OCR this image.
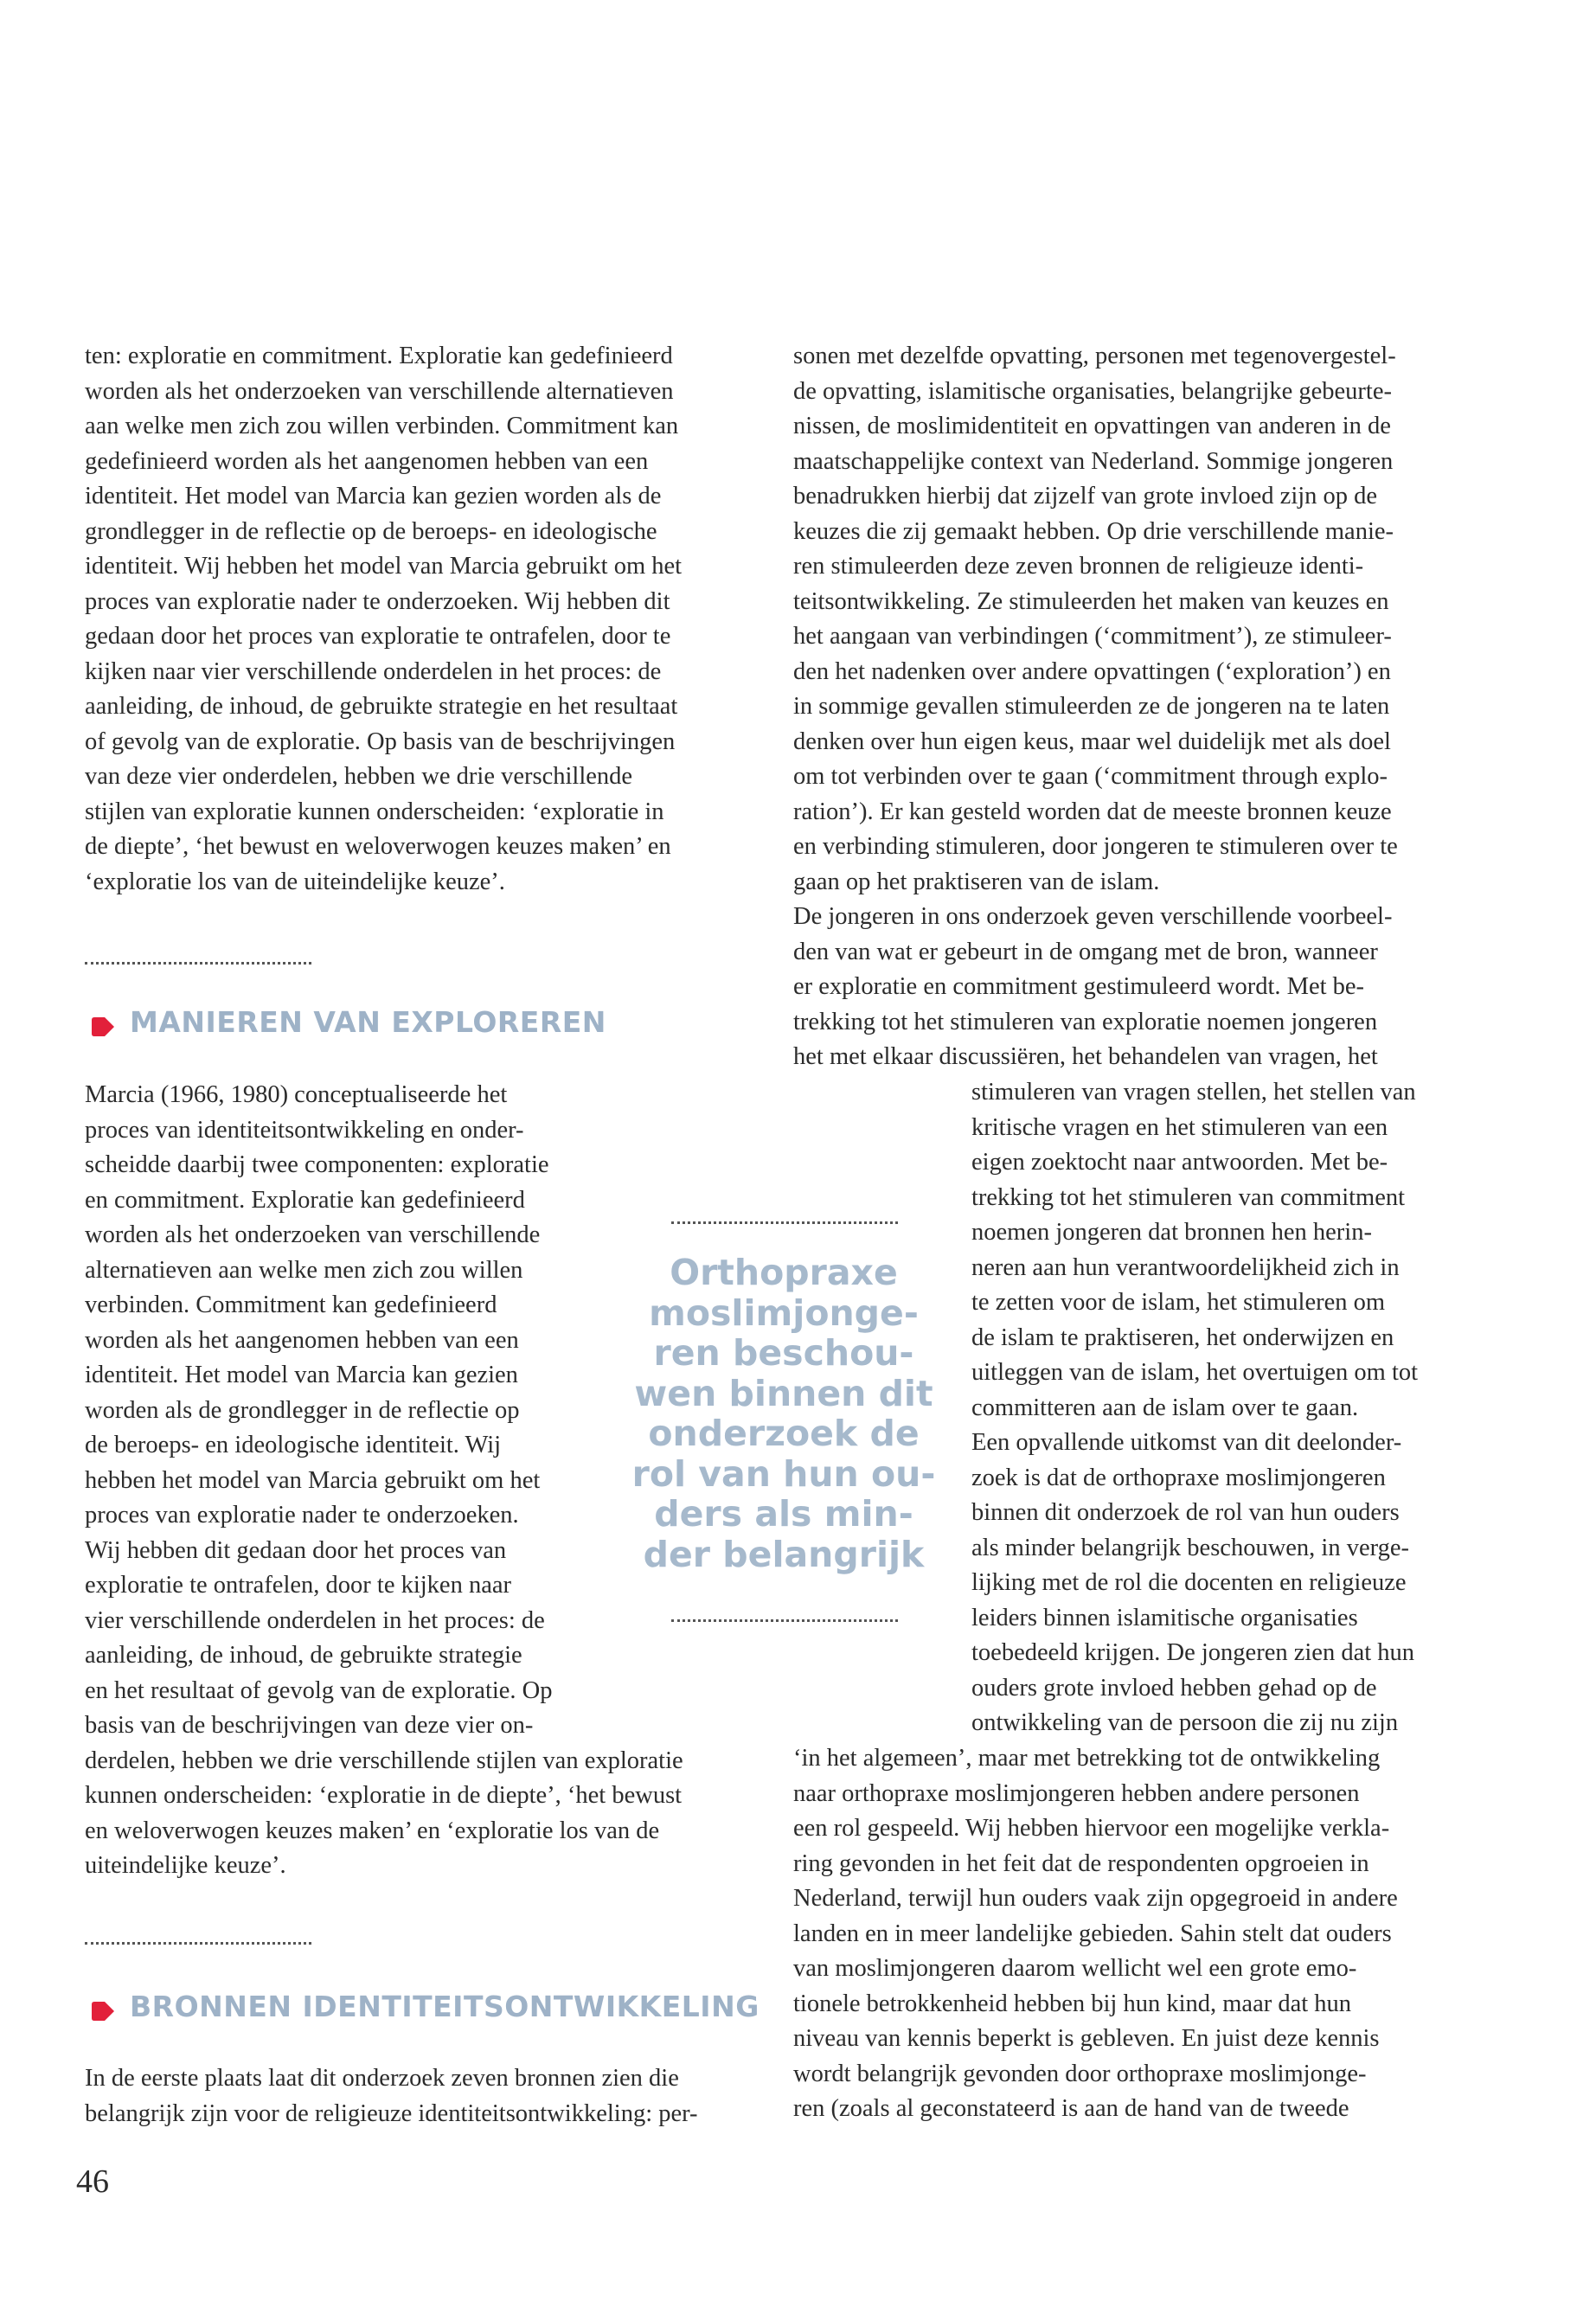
ten: exploratie en commitment. Exploratie kan gedefinieerd
worden als het onderzoeken van verschillende alternatieven
aan welke men zich zou willen verbinden. Commitment kan
gedefinieerd worden als het aangenomen hebben van een
identiteit. Het model van Marcia kan gezien worden als de
grondlegger in de reflectie op de beroeps- en ideologische
identiteit. Wij hebben het model van Marcia gebruikt om het
proces van exploratie nader te onderzoeken. Wij hebben dit
gedaan door het proces van exploratie te ontrafelen, door te
kijken naar vier verschillende onderdelen in het proces: de
aanleiding, de inhoud, de gebruikte strategie en het resultaat
of gevolg van de exploratie. Op basis van de beschrijvingen
van deze vier onderdelen, hebben we drie verschillende
stijlen van exploratie kunnen onderscheiden: ‘exploratie in
de diepte’, ‘het bewust en weloverwogen keuzes maken’ en
‘exploratie los van de uiteindelijke keuze’.
MANIEREN VAN EXPLOREREN
Marcia (1966, 1980) conceptualiseerde het
proces van identiteitsontwikkeling en onder-
scheidde daarbij twee componenten: exploratie
en commitment. Exploratie kan gedefinieerd
worden als het onderzoeken van verschillende
alternatieven aan welke men zich zou willen
verbinden. Commitment kan gedefinieerd
worden als het aangenomen hebben van een
identiteit. Het model van Marcia kan gezien
worden als de grondlegger in de reflectie op
de beroeps- en ideologische identiteit. Wij
hebben het model van Marcia gebruikt om het
proces van exploratie nader te onderzoeken.
Wij hebben dit gedaan door het proces van
exploratie te ontrafelen, door te kijken naar
vier verschillende onderdelen in het proces: de
aanleiding, de inhoud, de gebruikte strategie
en het resultaat of gevolg van de exploratie. Op
basis van de beschrijvingen van deze vier on-
derdelen, hebben we drie verschillende stijlen van exploratie
kunnen onderscheiden: ‘exploratie in de diepte’, ‘het bewust
en weloverwogen keuzes maken’ en ‘exploratie los van de
uiteindelijke keuze’.
BRONNEN IDENTITEITSONTWIKKELING
In de eerste plaats laat dit onderzoek zeven bronnen zien die
belangrijk zijn voor de religieuze identiteitsontwikkeling: per-
Orthopraxe
moslimjonge-
ren beschou-
wen binnen dit
onderzoek de
rol van hun ou-
ders als min-
der belangrijk
sonen met dezelfde opvatting, personen met tegenovergestel-
de opvatting, islamitische organisaties, belangrijke gebeurte-
nissen, de moslimidentiteit en opvattingen van anderen in de
maatschappelijke context van Nederland. Sommige jongeren
benadrukken hierbij dat zijzelf van grote invloed zijn op de
keuzes die zij gemaakt hebben. Op drie verschillende manie-
ren stimuleerden deze zeven bronnen de religieuze identi-
teitsontwikkeling. Ze stimuleerden het maken van keuzes en
het aangaan van verbindingen (‘commitment’), ze stimuleer-
den het nadenken over andere opvattingen (‘exploration’) en
in sommige gevallen stimuleerden ze de jongeren na te laten
denken over hun eigen keus, maar wel duidelijk met als doel
om tot verbinden over te gaan (‘commitment through explo-
ration’). Er kan gesteld worden dat de meeste bronnen keuze
en verbinding stimuleren, door jongeren te stimuleren over te
gaan op het praktiseren van de islam.
De jongeren in ons onderzoek geven verschillende voorbeel-
den van wat er gebeurt in de omgang met de bron, wanneer
er exploratie en commitment gestimuleerd wordt. Met be-
trekking tot het stimuleren van exploratie noemen jongeren
het met elkaar discussiëren, het behandelen van vragen, het
stimuleren van vragen stellen, het stellen van
kritische vragen en het stimuleren van een
eigen zoektocht naar antwoorden. Met be-
trekking tot het stimuleren van commitment
noemen jongeren dat bronnen hen herin-
neren aan hun verantwoordelijkheid zich in
te zetten voor de islam, het stimuleren om
de islam te praktiseren, het onderwijzen en
uitleggen van de islam, het overtuigen om tot
committeren aan de islam over te gaan.
Een opvallende uitkomst van dit deelonder-
zoek is dat de orthopraxe moslimjongeren
binnen dit onderzoek de rol van hun ouders
als minder belangrijk beschouwen, in verge-
lijking met de rol die docenten en religieuze
leiders binnen islamitische organisaties
toebedeeld krijgen. De jongeren zien dat hun
ouders grote invloed hebben gehad op de
ontwikkeling van de persoon die zij nu zijn
‘in het algemeen’, maar met betrekking tot de ontwikkeling
naar orthopraxe moslimjongeren hebben andere personen
een rol gespeeld. Wij hebben hiervoor een mogelijke verkla-
ring gevonden in het feit dat de respondenten opgroeien in
Nederland, terwijl hun ouders vaak zijn opgegroeid in andere
landen en in meer landelijke gebieden. Sahin stelt dat ouders
van moslimjongeren daarom wellicht wel een grote emo-
tionele betrokkenheid hebben bij hun kind, maar dat hun
niveau van kennis beperkt is gebleven. En juist deze kennis
wordt belangrijk gevonden door orthopraxe moslimjonge-
ren (zoals al geconstateerd is aan de hand van de tweede
46
